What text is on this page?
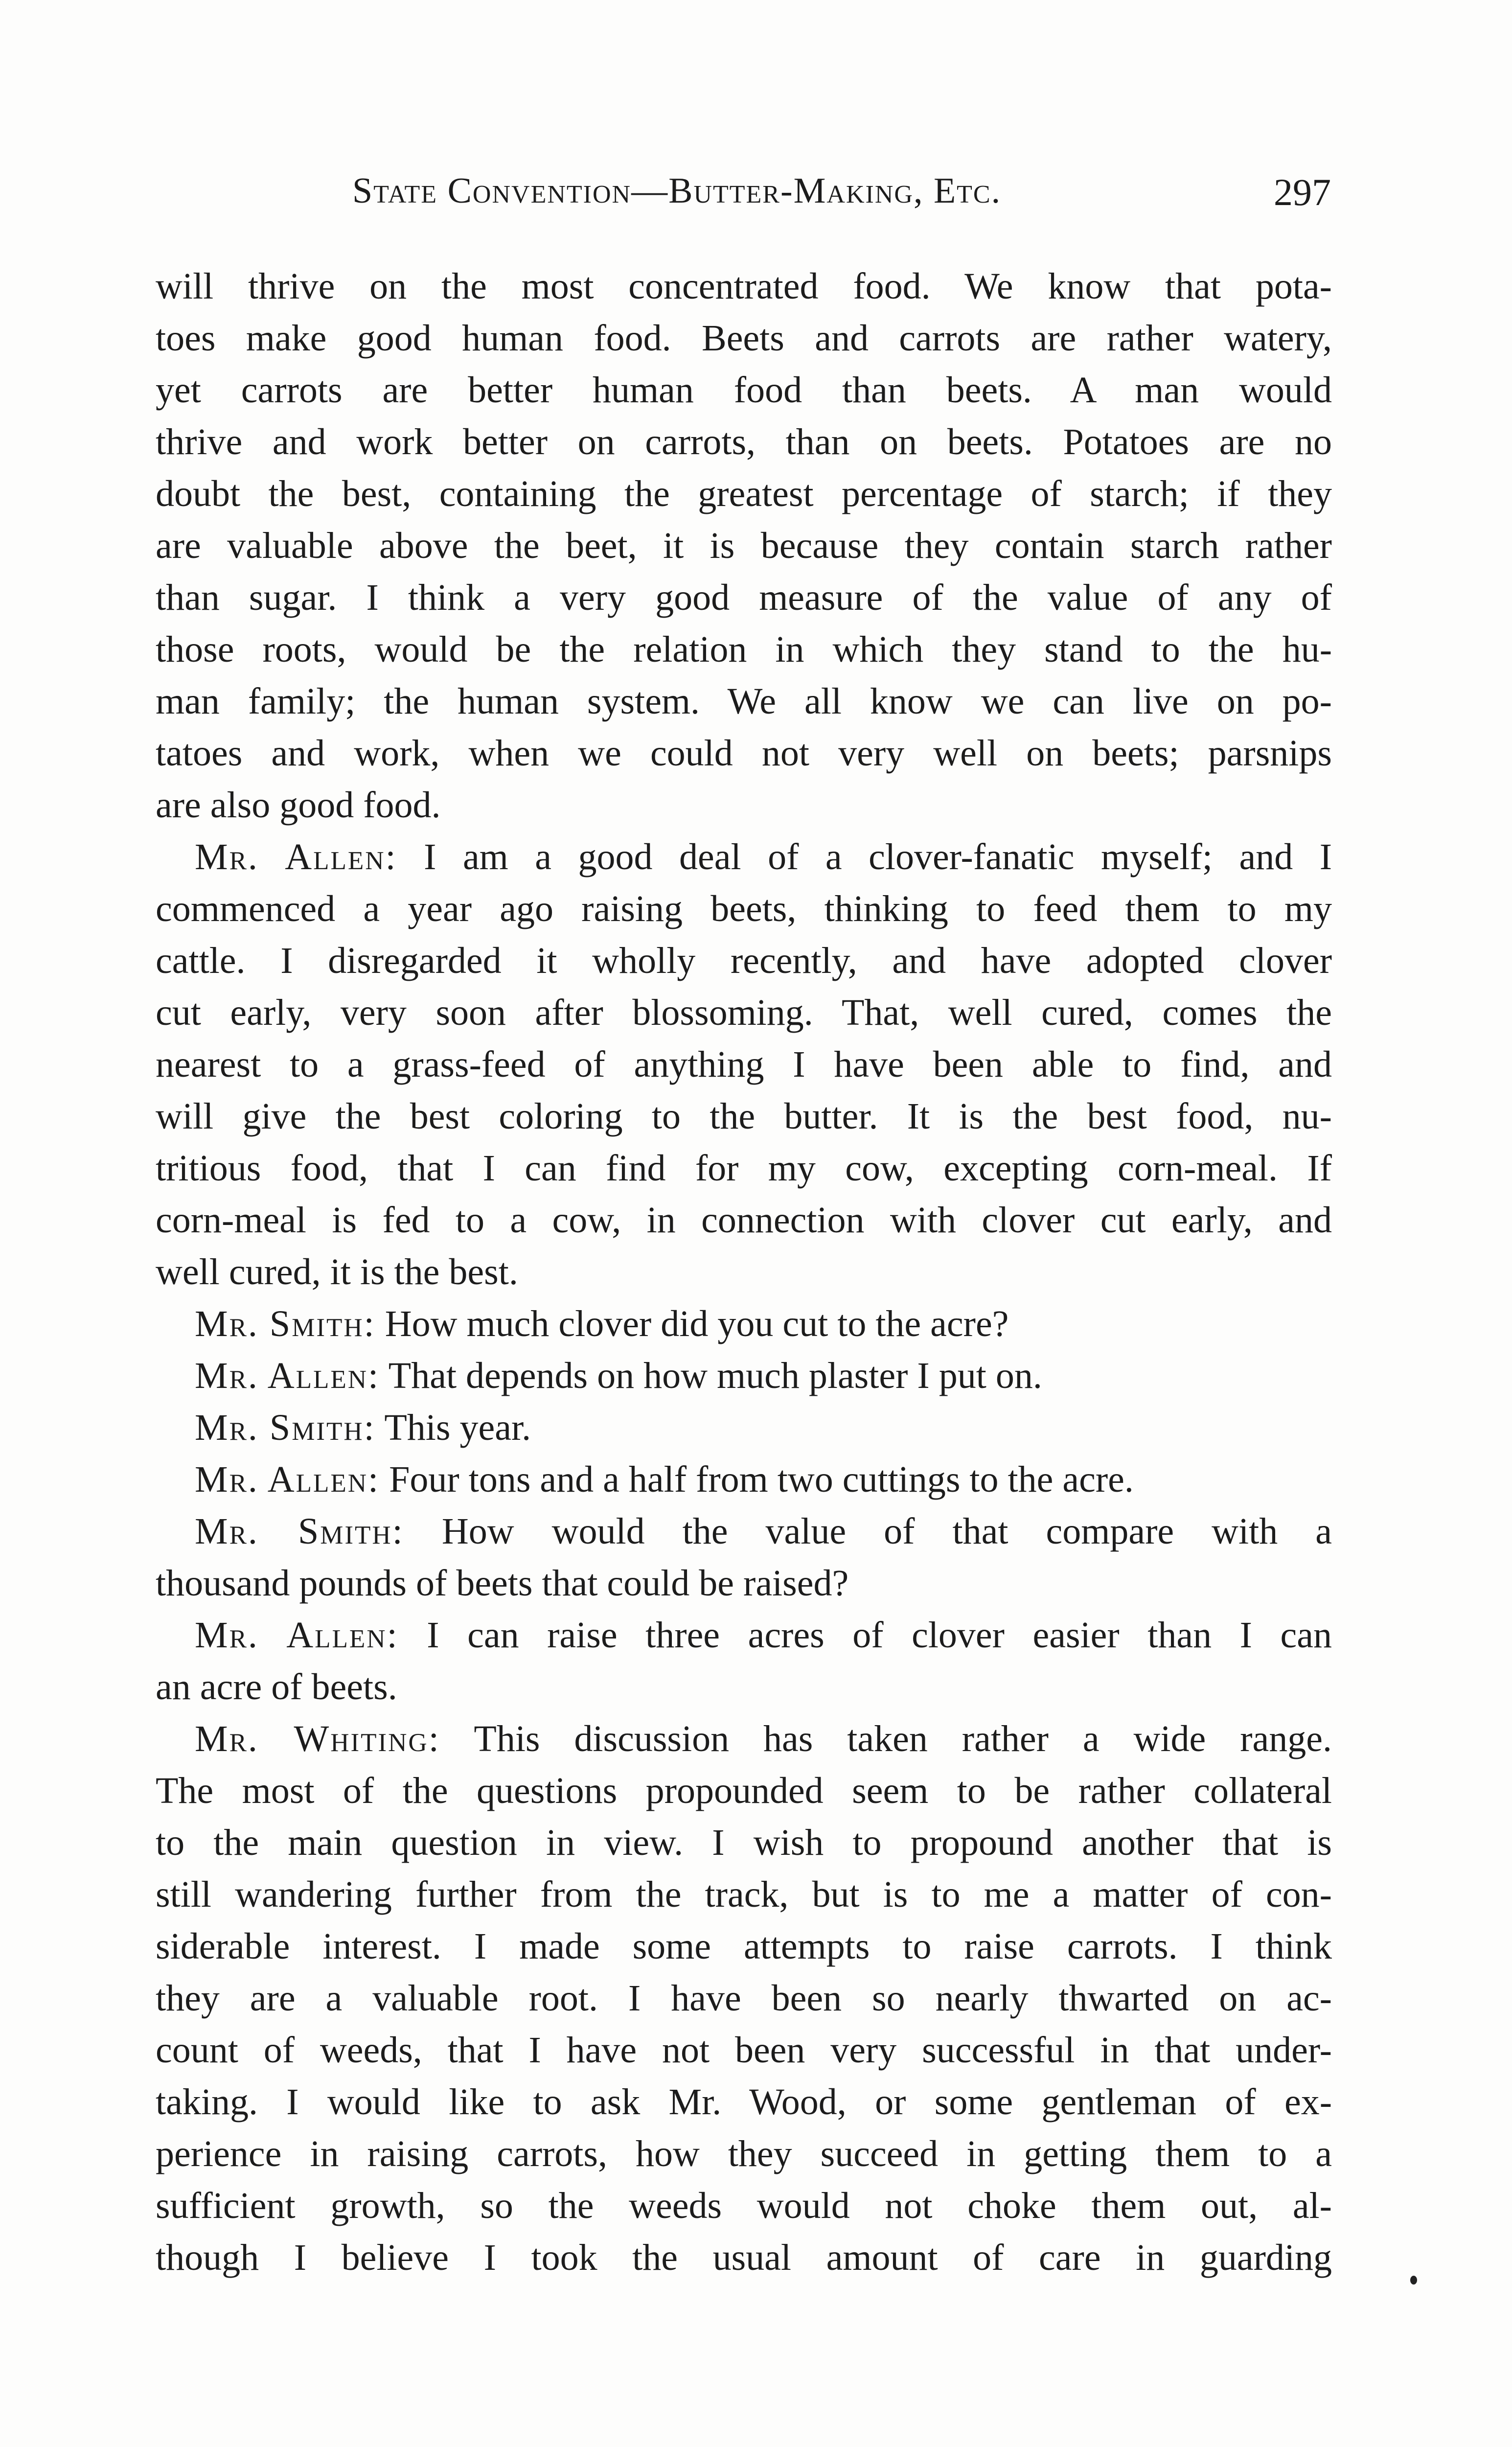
State Convention—Butter-Making, Etc.	297
will thrive on the most concentrated food. We know that pota-
toes make good human food. Beets and carrots are rather watery,
yet carrots are better human food than beets. A man would
thrive and work better on carrots, than on beets. Potatoes are no
doubt the best, containing the greatest percentage of starch; if they
are valuable above the beet, it is because they contain starch rather
than sugar. I think a very good measure of the value of any of
those roots, would be the relation in which they stand to the hu-
man family; the human system. We all know we can live on po-
tatoes and work, when we could not very well on beets; parsnips
are also good food.
Mr. Allen: I am a good deal of a clover-fanatic myself; and I
commenced a year ago raising beets, thinking to feed them to my
cattle. I disregarded it wholly recently, and have adopted clover
cut early, very soon after blossoming. That, well cured, comes the
nearest to a grass-feed of anything I have been able to find, and
will give the best coloring to the butter. It is the best food, nu-
tritious food, that I can find for my cow, excepting corn-meal. If
corn-meal is fed to a cow, in connection with clover cut early, and
well cured, it is the best.
Mr. Smith: How much clover did you cut to the acre?
Mr. Allen: That depends on how much plaster I put on.
Mr. Smith: This year.
Mr. Allen: Four tons and a half from two cuttings to the acre.
Mr. Smith: How would the value of that compare with a
thousand pounds of beets that could be raised?
Mr. Allen: I can raise three acres of clover easier than I can
an acre of beets.
Mr. Whiting: This discussion has taken rather a wide range.
The most of the questions propounded seem to be rather collateral
to the main question in view. I wish to propound another that is
still wandering further from the track, but is to me a matter of con-
siderable interest. I made some attempts to raise carrots. I think
they are a valuable root. I have been so nearly thwarted on ac-
count of weeds, that I have not been very successful in that under-
taking. I would like to ask Mr. Wood, or some gentleman of ex-
perience in raising carrots, how they succeed in getting them to a
sufficient growth, so the weeds would not choke them out, al-
though I believe I took the usual amount of care in guarding
